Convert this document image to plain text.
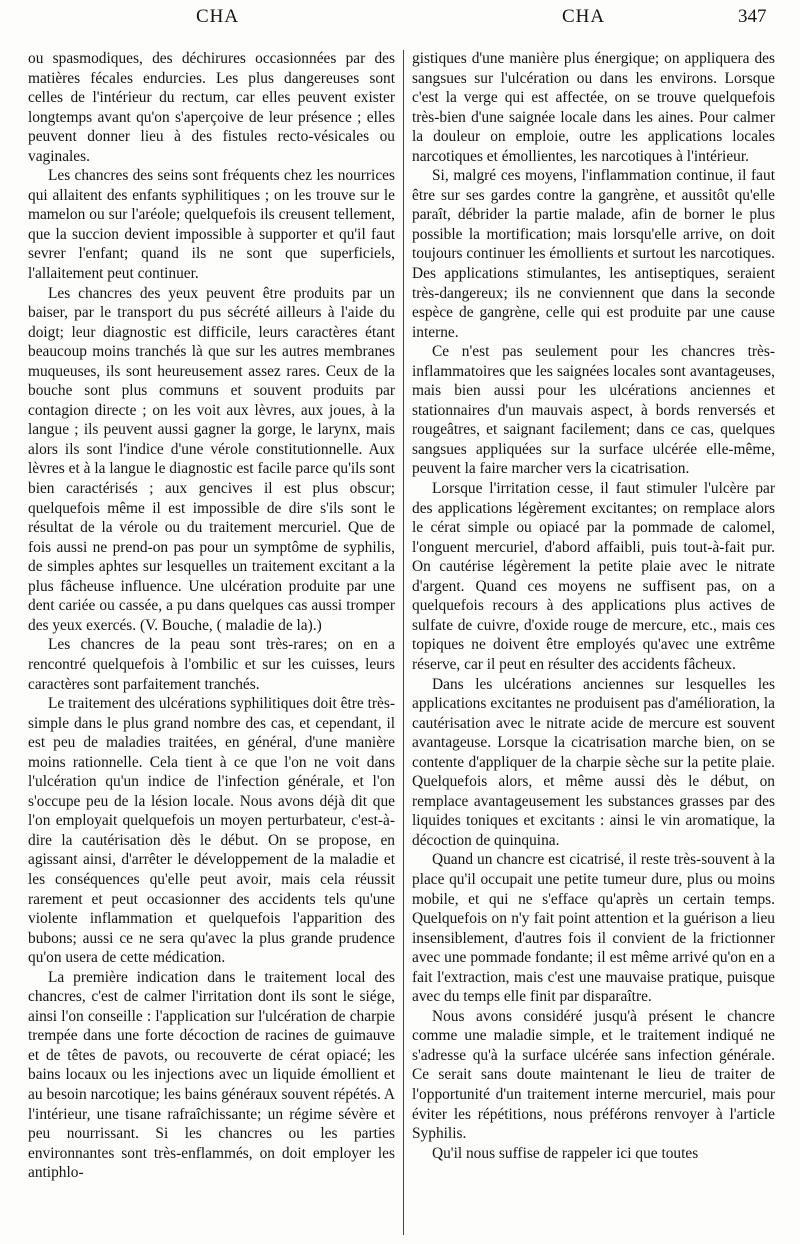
CHA	CHA	347

ou spasmodiques, des déchirures occasionnées par des matières fécales endurcies. Les plus dangereuses sont celles de l'intérieur du rectum, car elles peuvent exister longtemps avant qu'on s'aperçoive de leur présence ; elles peuvent donner lieu à des fistules recto-vésicales ou vaginales.

Les chancres des seins sont fréquents chez les nourrices qui allaitent des enfants syphilitiques ; on les trouve sur le mamelon ou sur l'aréole; quelquefois ils creusent tellement, que la succion devient impossible à supporter et qu'il faut sevrer l'enfant; quand ils ne sont que superficiels, l'allaitement peut continuer.

Les chancres des yeux peuvent être produits par un baiser, par le transport du pus sécrété ailleurs à l'aide du doigt; leur diagnostic est difficile, leurs caractères étant beaucoup moins tranchés là que sur les autres membranes muqueuses, ils sont heureusement assez rares. Ceux de la bouche sont plus communs et souvent produits par contagion directe ; on les voit aux lèvres, aux joues, à la langue ; ils peuvent aussi gagner la gorge, le larynx, mais alors ils sont l'indice d'une vérole constitutionnelle. Aux lèvres et à la langue le diagnostic est facile parce qu'ils sont bien caractérisés ; aux gencives il est plus obscur; quelquefois même il est impossible de dire s'ils sont le résultat de la vérole ou du traitement mercuriel. Que de fois aussi ne prend-on pas pour un symptôme de syphilis, de simples aphtes sur lesquelles un traitement excitant a la plus fâcheuse influence. Une ulcération produite par une dent cariée ou cassée, a pu dans quelques cas aussi tromper des yeux exercés. (V. Bouche, ( maladie de la).)

Les chancres de la peau sont très-rares; on en a rencontré quelquefois à l'ombilic et sur les cuisses, leurs caractères sont parfaitement tranchés.

Le traitement des ulcérations syphilitiques doit être très-simple dans le plus grand nombre des cas, et cependant, il est peu de maladies traitées, en général, d'une manière moins rationnelle. Cela tient à ce que l'on ne voit dans l'ulcération qu'un indice de l'infection générale, et l'on s'occupe peu de la lésion locale. Nous avons déjà dit que l'on employait quelquefois un moyen perturbateur, c'est-à-dire la cautérisation dès le début. On se propose, en agissant ainsi, d'arrêter le développement de la maladie et les conséquences qu'elle peut avoir, mais cela réussit rarement et peut occasionner des accidents tels qu'une violente inflammation et quelquefois l'apparition des bubons; aussi ce ne sera qu'avec la plus grande prudence qu'on usera de cette médication.

La première indication dans le traitement local des chancres, c'est de calmer l'irritation dont ils sont le siége, ainsi l'on conseille : l'application sur l'ulcération de charpie trempée dans une forte décoction de racines de guimauve et de têtes de pavots, ou recouverte de cérat opiacé; les bains locaux ou les injections avec un liquide émollient et au besoin narcotique; les bains généraux souvent répétés. A l'intérieur, une tisane rafraîchissante; un régime sévère et peu nourrissant. Si les chancres ou les parties environnantes sont très-enflammés, on doit employer les antiphlo-

gistiques d'une manière plus énergique; on appliquera des sangsues sur l'ulcération ou dans les environs. Lorsque c'est la verge qui est affectée, on se trouve quelquefois très-bien d'une saignée locale dans les aines. Pour calmer la douleur on emploie, outre les applications locales narcotiques et émollientes, les narcotiques à l'intérieur.

Si, malgré ces moyens, l'inflammation continue, il faut être sur ses gardes contre la gangrène, et aussitôt qu'elle paraît, débrider la partie malade, afin de borner le plus possible la mortification; mais lorsqu'elle arrive, on doit toujours continuer les émollients et surtout les narcotiques. Des applications stimulantes, les antiseptiques, seraient très-dangereux; ils ne conviennent que dans la seconde espèce de gangrène, celle qui est produite par une cause interne.

Ce n'est pas seulement pour les chancres très-inflammatoires que les saignées locales sont avantageuses, mais bien aussi pour les ulcérations anciennes et stationnaires d'un mauvais aspect, à bords renversés et rougeâtres, et saignant facilement; dans ce cas, quelques sangsues appliquées sur la surface ulcérée elle-même, peuvent la faire marcher vers la cicatrisation.

Lorsque l'irritation cesse, il faut stimuler l'ulcère par des applications légèrement excitantes; on remplace alors le cérat simple ou opiacé par la pommade de calomel, l'onguent mercuriel, d'abord affaibli, puis tout-à-fait pur. On cautérise légèrement la petite plaie avec le nitrate d'argent. Quand ces moyens ne suffisent pas, on a quelquefois recours à des applications plus actives de sulfate de cuivre, d'oxide rouge de mercure, etc., mais ces topiques ne doivent être employés qu'avec une extrême réserve, car il peut en résulter des accidents fâcheux.

Dans les ulcérations anciennes sur lesquelles les applications excitantes ne produisent pas d'amélioration, la cautérisation avec le nitrate acide de mercure est souvent avantageuse. Lorsque la cicatrisation marche bien, on se contente d'appliquer de la charpie sèche sur la petite plaie. Quelquefois alors, et même aussi dès le début, on remplace avantageusement les substances grasses par des liquides toniques et excitants : ainsi le vin aromatique, la décoction de quinquina.

Quand un chancre est cicatrisé, il reste très-souvent à la place qu'il occupait une petite tumeur dure, plus ou moins mobile, et qui ne s'efface qu'après un certain temps. Quelquefois on n'y fait point attention et la guérison a lieu insensiblement, d'autres fois il convient de la frictionner avec une pommade fondante; il est même arrivé qu'on en a fait l'extraction, mais c'est une mauvaise pratique, puisque avec du temps elle finit par disparaître.

Nous avons considéré jusqu'à présent le chancre comme une maladie simple, et le traitement indiqué ne s'adresse qu'à la surface ulcérée sans infection générale. Ce serait sans doute maintenant le lieu de traiter de l'opportunité d'un traitement interne mercuriel, mais pour éviter les répétitions, nous préférons renvoyer à l'article Syphilis.

Qu'il nous suffise de rappeler ici que toutes
